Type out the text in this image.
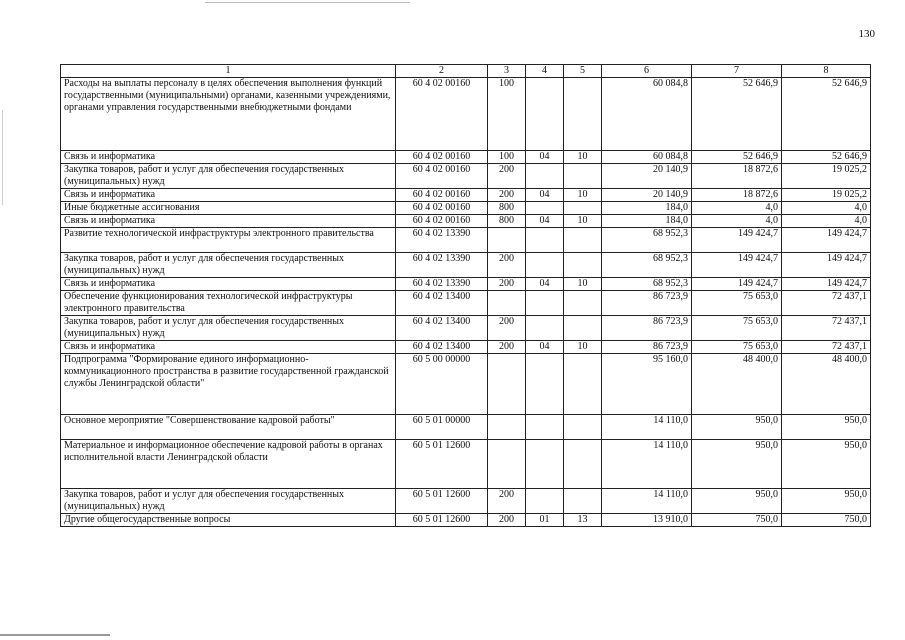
130
1	2	3	4	5	6	7	8
Расходы на выплаты персоналу в целях обеспечения выполнения функций государственными (муниципальными) органами, казенными учреждениями, органами управления государственными внебюджетными фондами	60 4 02 00160	100			60 084,8	52 646,9	52 646,9
Связь и информатика	60 4 02 00160	100	04	10	60 084,8	52 646,9	52 646,9
Закупка товаров, работ и услуг для обеспечения государственных (муниципальных) нужд	60 4 02 00160	200			20 140,9	18 872,6	19 025,2
Связь и информатика	60 4 02 00160	200	04	10	20 140,9	18 872,6	19 025,2
Иные бюджетные ассигнования	60 4 02 00160	800			184,0	4,0	4,0
Связь и информатика	60 4 02 00160	800	04	10	184,0	4,0	4,0
Развитие технологической инфраструктуры электронного правительства	60 4 02 13390				68 952,3	149 424,7	149 424,7
Закупка товаров, работ и услуг для обеспечения государственных (муниципальных) нужд	60 4 02 13390	200			68 952,3	149 424,7	149 424,7
Связь и информатика	60 4 02 13390	200	04	10	68 952,3	149 424,7	149 424,7
Обеспечение функционирования технологической инфраструктуры электронного правительства	60 4 02 13400				86 723,9	75 653,0	72 437,1
Закупка товаров, работ и услуг для обеспечения государственных (муниципальных) нужд	60 4 02 13400	200			86 723,9	75 653,0	72 437,1
Связь и информатика	60 4 02 13400	200	04	10	86 723,9	75 653,0	72 437,1
Подпрограмма "Формирование единого информационно-коммуникационного пространства в развитие государственной гражданской службы Ленинградской области"	60 5 00 00000				95 160,0	48 400,0	48 400,0
Основное мероприятие "Совершенствование кадровой работы"	60 5 01 00000				14 110,0	950,0	950,0
Материальное и информационное обеспечение кадровой работы в органах исполнительной власти Ленинградской области	60 5 01 12600				14 110,0	950,0	950,0
Закупка товаров, работ и услуг для обеспечения государственных (муниципальных) нужд	60 5 01 12600	200			14 110,0	950,0	950,0
Другие общегосударственные вопросы	60 5 01 12600	200	01	13	13 910,0	750,0	750,0
